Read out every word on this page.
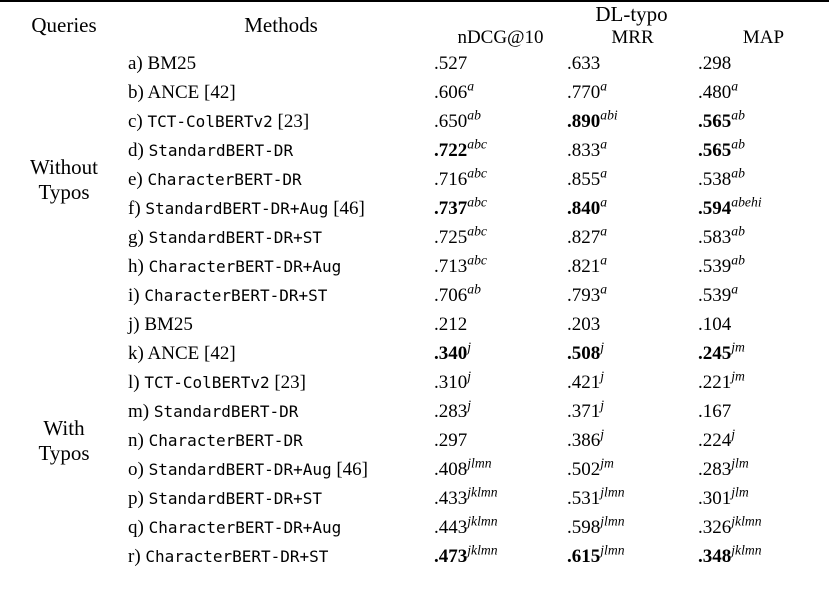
Queries	Methods	DL-typo		
		nDCG@10	MRR	MAP

Without
Typos	a) BM25	.527	.633	.298
	b) ANCE [42]	.606$^a$	.770$^a$	.480$^a$
	c) TCT-ColBERTv2 [23]	.650$^{ab}$	$.890^{abi}$	.565$^{ab}$
	d) StandardBERT-DR	.722$^{abc}$	.833$^a$	.565$^{ab}$
	e) CharacterBERT-DR	.716$^{abc}$	.855$^a$	.538$^{ab}$
	f) StandardBERT-DR+Aug [46]	.737$^{abc}$	.840$^a$	$.594^{abehi}$
	g) StandardBERT-DR+ST	.725$^{abc}$	.827$^a$	.583$^{ab}$
	h) CharacterBERT-DR+Aug	.713$^{abc}$	.821$^a$	.539$^{ab}$
	i) CharacterBERT-DR+ST	.706$^{ab}$	.793$^a$	.539$^a$

With
Typos	j) BM25	.212	.203	.104
	k) ANCE [42]	.340$^j$	.508$^j$	$.245^{jm}$
	l) TCT-ColBERTv2 [23]	.310$^j$	.421$^j$	$.221^{jm}$
	m) StandardBERT-DR	.283$^j$	.371$^j$	.167
	n) CharacterBERT-DR	.297	.386$^j$	.224$^j$
	o) StandardBERT-DR+Aug [46]	$.408^{jlmn}$	$.502^{jm}$	$.283^{jlm}$
	p) StandardBERT-DR+ST	$.433^{jklmn}$	$.531^{jlmn}$	$.301^{jlm}$
	q) CharacterBERT-DR+Aug	$.443^{jklmn}$	$.598^{jlmn}$	$.326^{jklmn}$
	r) CharacterBERT-DR+ST	$.473^{jklmn}$	$.615^{jlmn}$	$.348^{jklmn}$
